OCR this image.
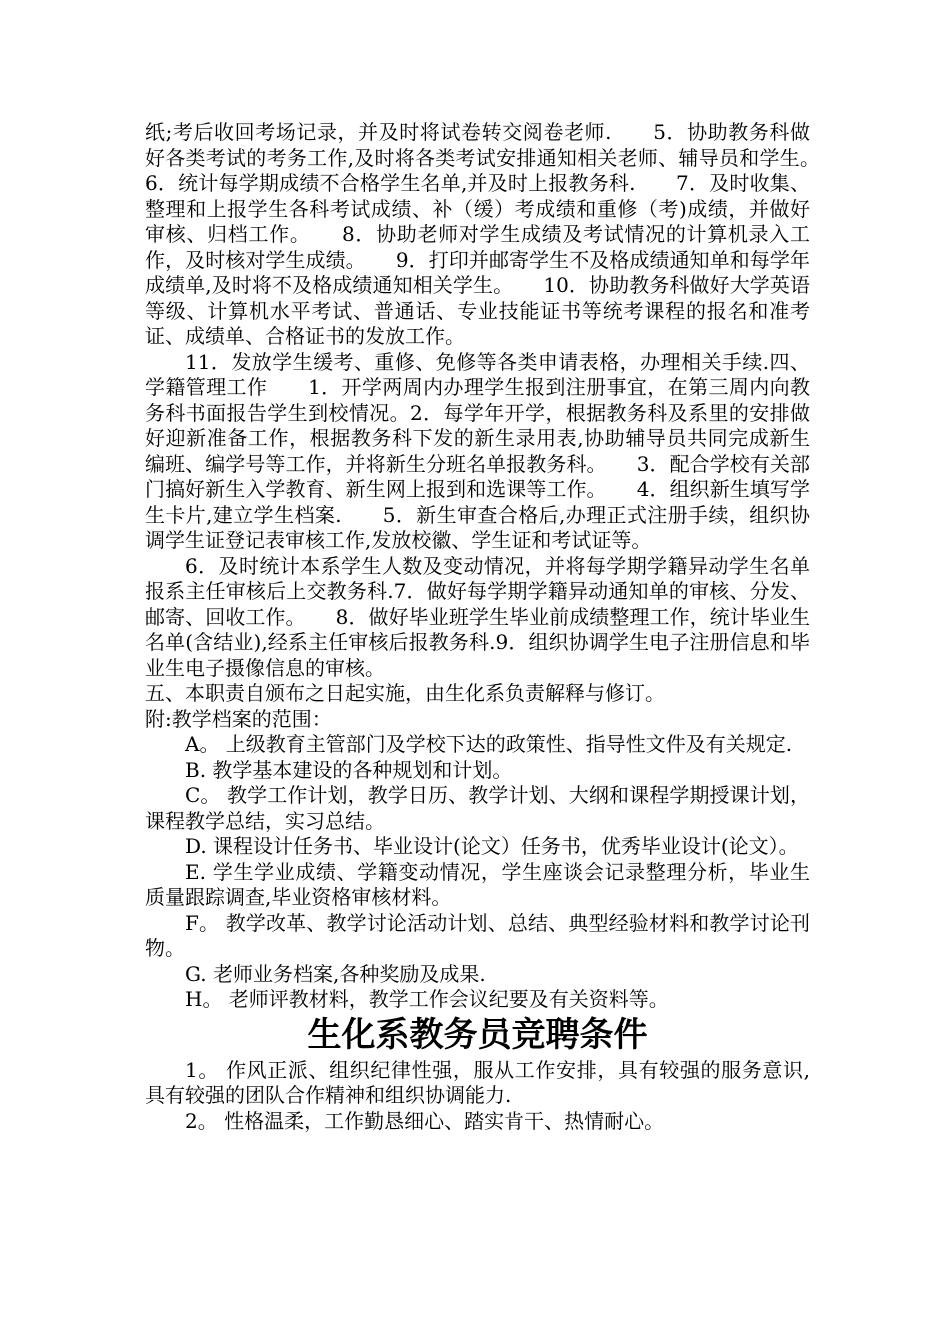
纸;考后收回考场记录，并及时将试卷转交阅卷老师.　　5．协助教务科做好各类考试的考务工作,及时将各类考试安排通知相关老师、辅导员和学生。　　6．统计每学期成绩不合格学生名单,并及时上报教务科.　　7．及时收集、整理和上报学生各科考试成绩、补（缓）考成绩和重修（考)成绩，并做好审核、归档工作。　　8．协助老师对学生成绩及考试情况的计算机录入工作，及时核对学生成绩。　　9．打印并邮寄学生不及格成绩通知单和每学年成绩单,及时将不及格成绩通知相关学生。　　10．协助教务科做好大学英语等级、计算机水平考试、普通话、专业技能证书等统考课程的报名和准考证、成绩单、合格证书的发放工作。

11．发放学生缓考、重修、免修等各类申请表格，办理相关手续.四、学籍管理工作　　1．开学两周内办理学生报到注册事宜，在第三周内向教务科书面报告学生到校情况。2．每学年开学，根据教务科及系里的安排做好迎新准备工作，根据教务科下发的新生录用表,协助辅导员共同完成新生编班、编学号等工作，并将新生分班名单报教务科。　　3．配合学校有关部门搞好新生入学教育、新生网上报到和选课等工作。　　4．组织新生填写学生卡片,建立学生档案.　　5．新生审查合格后,办理正式注册手续，组织协调学生证登记表审核工作,发放校徽、学生证和考试证等。

6．及时统计本系学生人数及变动情况，并将每学期学籍异动学生名单报系主任审核后上交教务科.7．做好每学期学籍异动通知单的审核、分发、邮寄、回收工作。　　8．做好毕业班学生毕业前成绩整理工作，统计毕业生名单(含结业),经系主任审核后报教务科.9．组织协调学生电子注册信息和毕业生电子摄像信息的审核。

五、本职责自颁布之日起实施，由生化系负责解释与修订。

附:教学档案的范围：

A。 上级教育主管部门及学校下达的政策性、指导性文件及有关规定.

B. 教学基本建设的各种规划和计划。

C。 教学工作计划，教学日历、教学计划、大纲和课程学期授课计划，课程教学总结，实习总结。

D. 课程设计任务书、毕业设计(论文）任务书，优秀毕业设计(论文）。

E. 学生学业成绩、学籍变动情况，学生座谈会记录整理分析，毕业生质量跟踪调查,毕业资格审核材料。

F。 教学改革、教学讨论活动计划、总结、典型经验材料和教学讨论刊物。

G. 老师业务档案,各种奖励及成果.

H。 老师评教材料，教学工作会议纪要及有关资料等。

生化系教务员竞聘条件

1。 作风正派、组织纪律性强，服从工作安排，具有较强的服务意识,具有较强的团队合作精神和组织协调能力.

2。 性格温柔，工作勤恳细心、踏实肯干、热情耐心。
